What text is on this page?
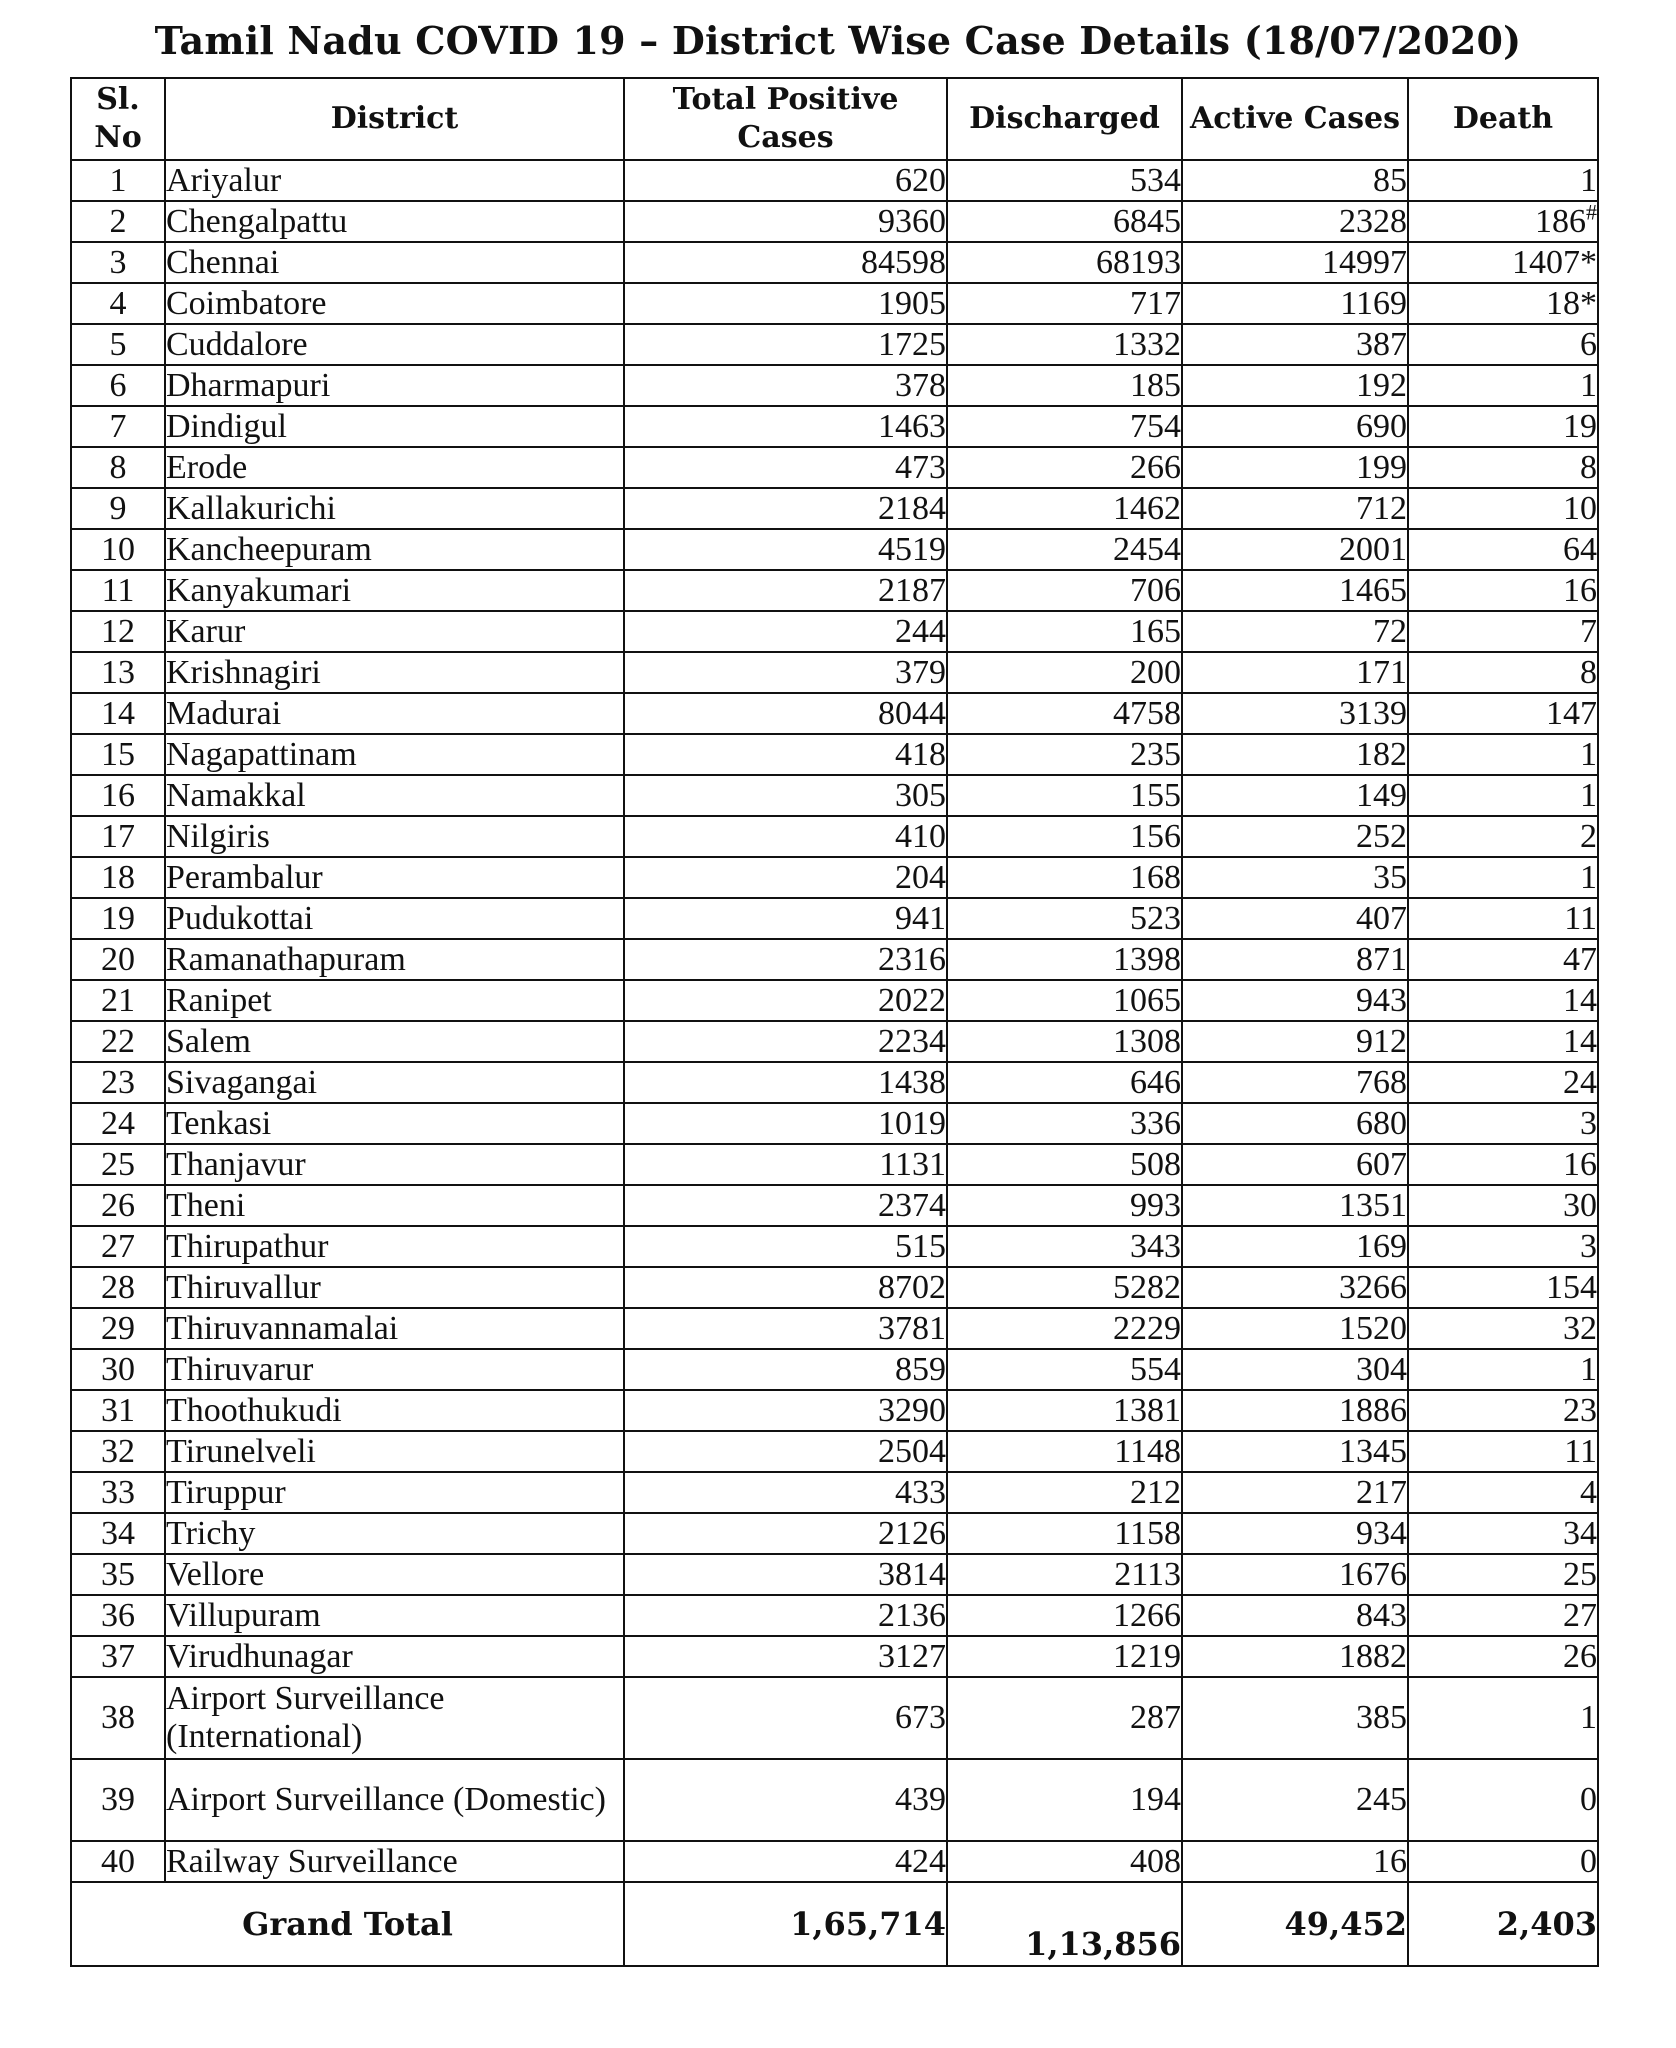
Tamil Nadu COVID 19 – District Wise Case Details (18/07/2020)
Sl. No	District	Total Positive Cases	Discharged	Active Cases	Death
1	Ariyalur	620	534	85	1
2	Chengalpattu	9360	6845	2328	186#
3	Chennai	84598	68193	14997	1407*
4	Coimbatore	1905	717	1169	18*
5	Cuddalore	1725	1332	387	6
6	Dharmapuri	378	185	192	1
7	Dindigul	1463	754	690	19
8	Erode	473	266	199	8
9	Kallakurichi	2184	1462	712	10
10	Kancheepuram	4519	2454	2001	64
11	Kanyakumari	2187	706	1465	16
12	Karur	244	165	72	7
13	Krishnagiri	379	200	171	8
14	Madurai	8044	4758	3139	147
15	Nagapattinam	418	235	182	1
16	Namakkal	305	155	149	1
17	Nilgiris	410	156	252	2
18	Perambalur	204	168	35	1
19	Pudukottai	941	523	407	11
20	Ramanathapuram	2316	1398	871	47
21	Ranipet	2022	1065	943	14
22	Salem	2234	1308	912	14
23	Sivagangai	1438	646	768	24
24	Tenkasi	1019	336	680	3
25	Thanjavur	1131	508	607	16
26	Theni	2374	993	1351	30
27	Thirupathur	515	343	169	3
28	Thiruvallur	8702	5282	3266	154
29	Thiruvannamalai	3781	2229	1520	32
30	Thiruvarur	859	554	304	1
31	Thoothukudi	3290	1381	1886	23
32	Tirunelveli	2504	1148	1345	11
33	Tiruppur	433	212	217	4
34	Trichy	2126	1158	934	34
35	Vellore	3814	2113	1676	25
36	Villupuram	2136	1266	843	27
37	Virudhunagar	3127	1219	1882	26
38	Airport Surveillance (International)	673	287	385	1
39	Airport Surveillance (Domestic)	439	194	245	0
40	Railway Surveillance	424	408	16	0
Grand Total		1,65,714	1,13,856	49,452	2,403
